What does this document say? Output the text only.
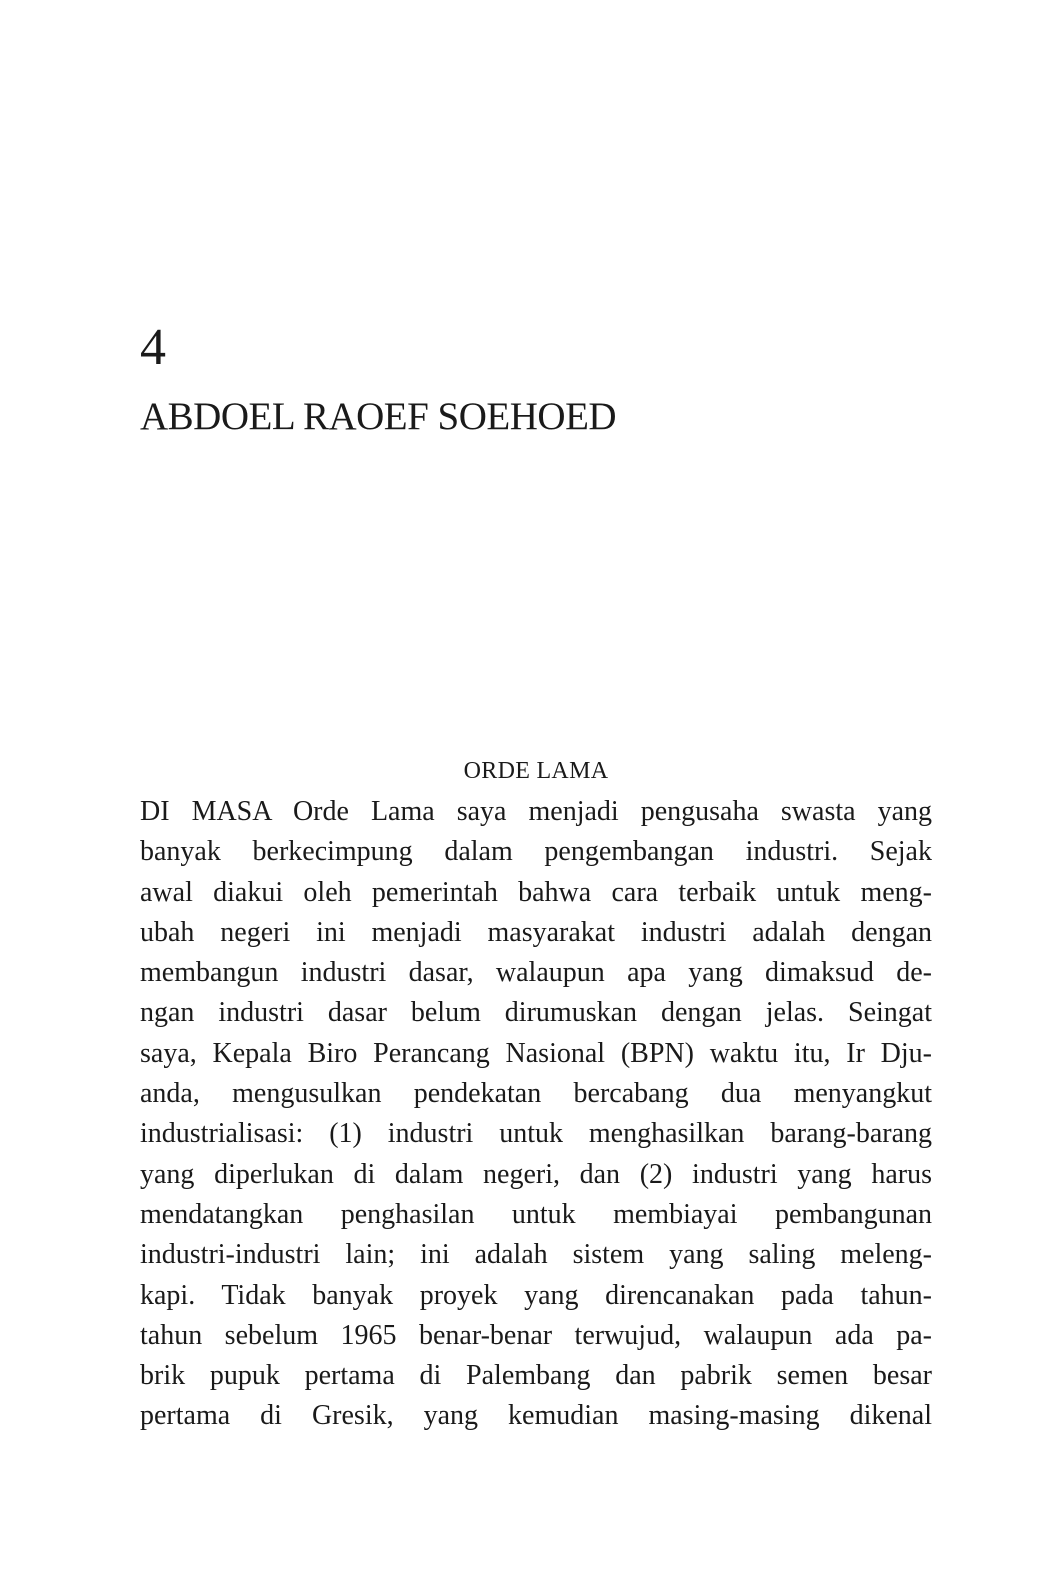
4
ABDOEL RAOEF SOEHOED
ORDE LAMA
DI MASA Orde Lama saya menjadi pengusaha swasta yang
banyak berkecimpung dalam pengembangan industri. Sejak
awal diakui oleh pemerintah bahwa cara terbaik untuk meng-
ubah negeri ini menjadi masyarakat industri adalah dengan
membangun industri dasar, walaupun apa yang dimaksud de-
ngan industri dasar belum dirumuskan dengan jelas. Seingat
saya, Kepala Biro Perancang Nasional (BPN) waktu itu, Ir Dju-
anda, mengusulkan pendekatan bercabang dua menyangkut
industrialisasi: (1) industri untuk menghasilkan barang-barang
yang diperlukan di dalam negeri, dan (2) industri yang harus
mendatangkan penghasilan untuk membiayai pembangunan
industri-industri lain; ini adalah sistem yang saling meleng-
kapi. Tidak banyak proyek yang direncanakan pada tahun-
tahun sebelum 1965 benar-benar terwujud, walaupun ada pa-
brik pupuk pertama di Palembang dan pabrik semen besar
pertama di Gresik, yang kemudian masing-masing dikenal
